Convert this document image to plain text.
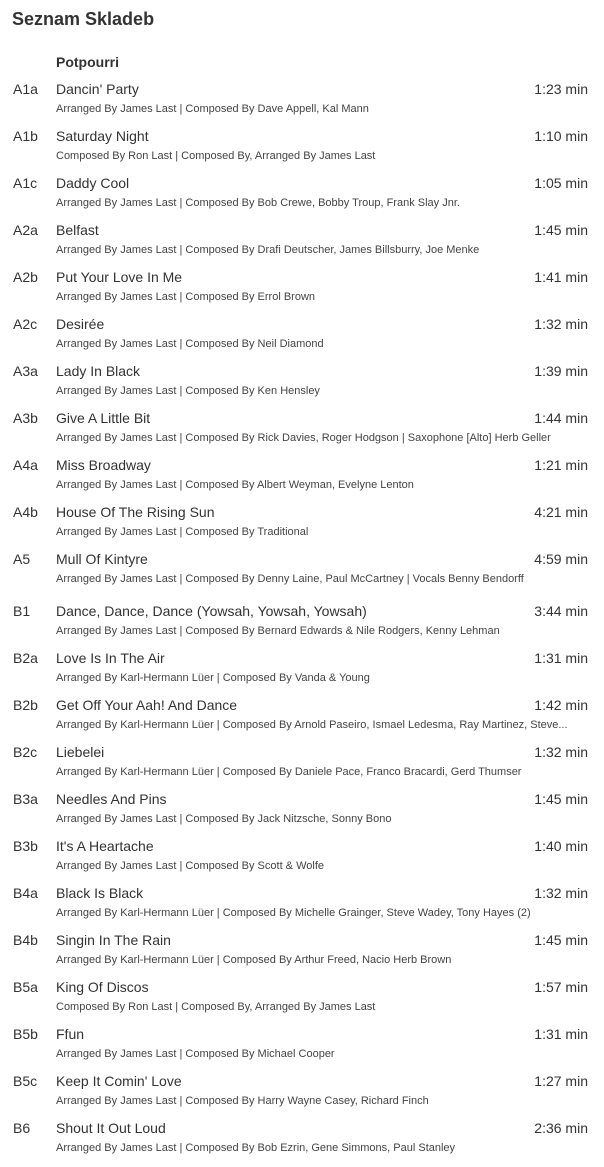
Seznam Skladeb
Potpourri
A1a Dancin' Party	1:23 min
Arranged By James Last | Composed By Dave Appell, Kal Mann
A1b Saturday Night	1:10 min
Composed By Ron Last | Composed By, Arranged By James Last
A1c Daddy Cool	1:05 min
Arranged By James Last | Composed By Bob Crewe, Bobby Troup, Frank Slay Jnr.
A2a Belfast	1:45 min
Arranged By James Last | Composed By Drafi Deutscher, James Billsburry, Joe Menke
A2b Put Your Love In Me	1:41 min
Arranged By James Last | Composed By Errol Brown
A2c Desirée	1:32 min
Arranged By James Last | Composed By Neil Diamond
A3a Lady In Black	1:39 min
Arranged By James Last | Composed By Ken Hensley
A3b Give A Little Bit	1:44 min
Arranged By James Last | Composed By Rick Davies, Roger Hodgson | Saxophone [Alto] Herb Geller
A4a Miss Broadway	1:21 min
Arranged By James Last | Composed By Albert Weyman, Evelyne Lenton
A4b House Of The Rising Sun	4:21 min
Arranged By James Last | Composed By Traditional
A5 Mull Of Kintyre	4:59 min
Arranged By James Last | Composed By Denny Laine, Paul McCartney | Vocals Benny Bendorff
B1 Dance, Dance, Dance (Yowsah, Yowsah, Yowsah)	3:44 min
Arranged By James Last | Composed By Bernard Edwards & Nile Rodgers, Kenny Lehman
B2a Love Is In The Air	1:31 min
Arranged By Karl-Hermann Lüer | Composed By Vanda & Young
B2b Get Off Your Aah! And Dance	1:42 min
Arranged By Karl-Hermann Lüer | Composed By Arnold Paseiro, Ismael Ledesma, Ray Martinez, Steve...
B2c Liebelei	1:32 min
Arranged By Karl-Hermann Lüer | Composed By Daniele Pace, Franco Bracardi, Gerd Thumser
B3a Needles And Pins	1:45 min
Arranged By James Last | Composed By Jack Nitzsche, Sonny Bono
B3b It's A Heartache	1:40 min
Arranged By James Last | Composed By Scott & Wolfe
B4a Black Is Black	1:32 min
Arranged By Karl-Hermann Lüer | Composed By Michelle Grainger, Steve Wadey, Tony Hayes (2)
B4b Singin In The Rain	1:45 min
Arranged By Karl-Hermann Lüer | Composed By Arthur Freed, Nacio Herb Brown
B5a King Of Discos	1:57 min
Composed By Ron Last | Composed By, Arranged By James Last
B5b Ffun	1:31 min
Arranged By James Last | Composed By Michael Cooper
B5c Keep It Comin' Love	1:27 min
Arranged By James Last | Composed By Harry Wayne Casey, Richard Finch
B6 Shout It Out Loud	2:36 min
Arranged By James Last | Composed By Bob Ezrin, Gene Simmons, Paul Stanley
